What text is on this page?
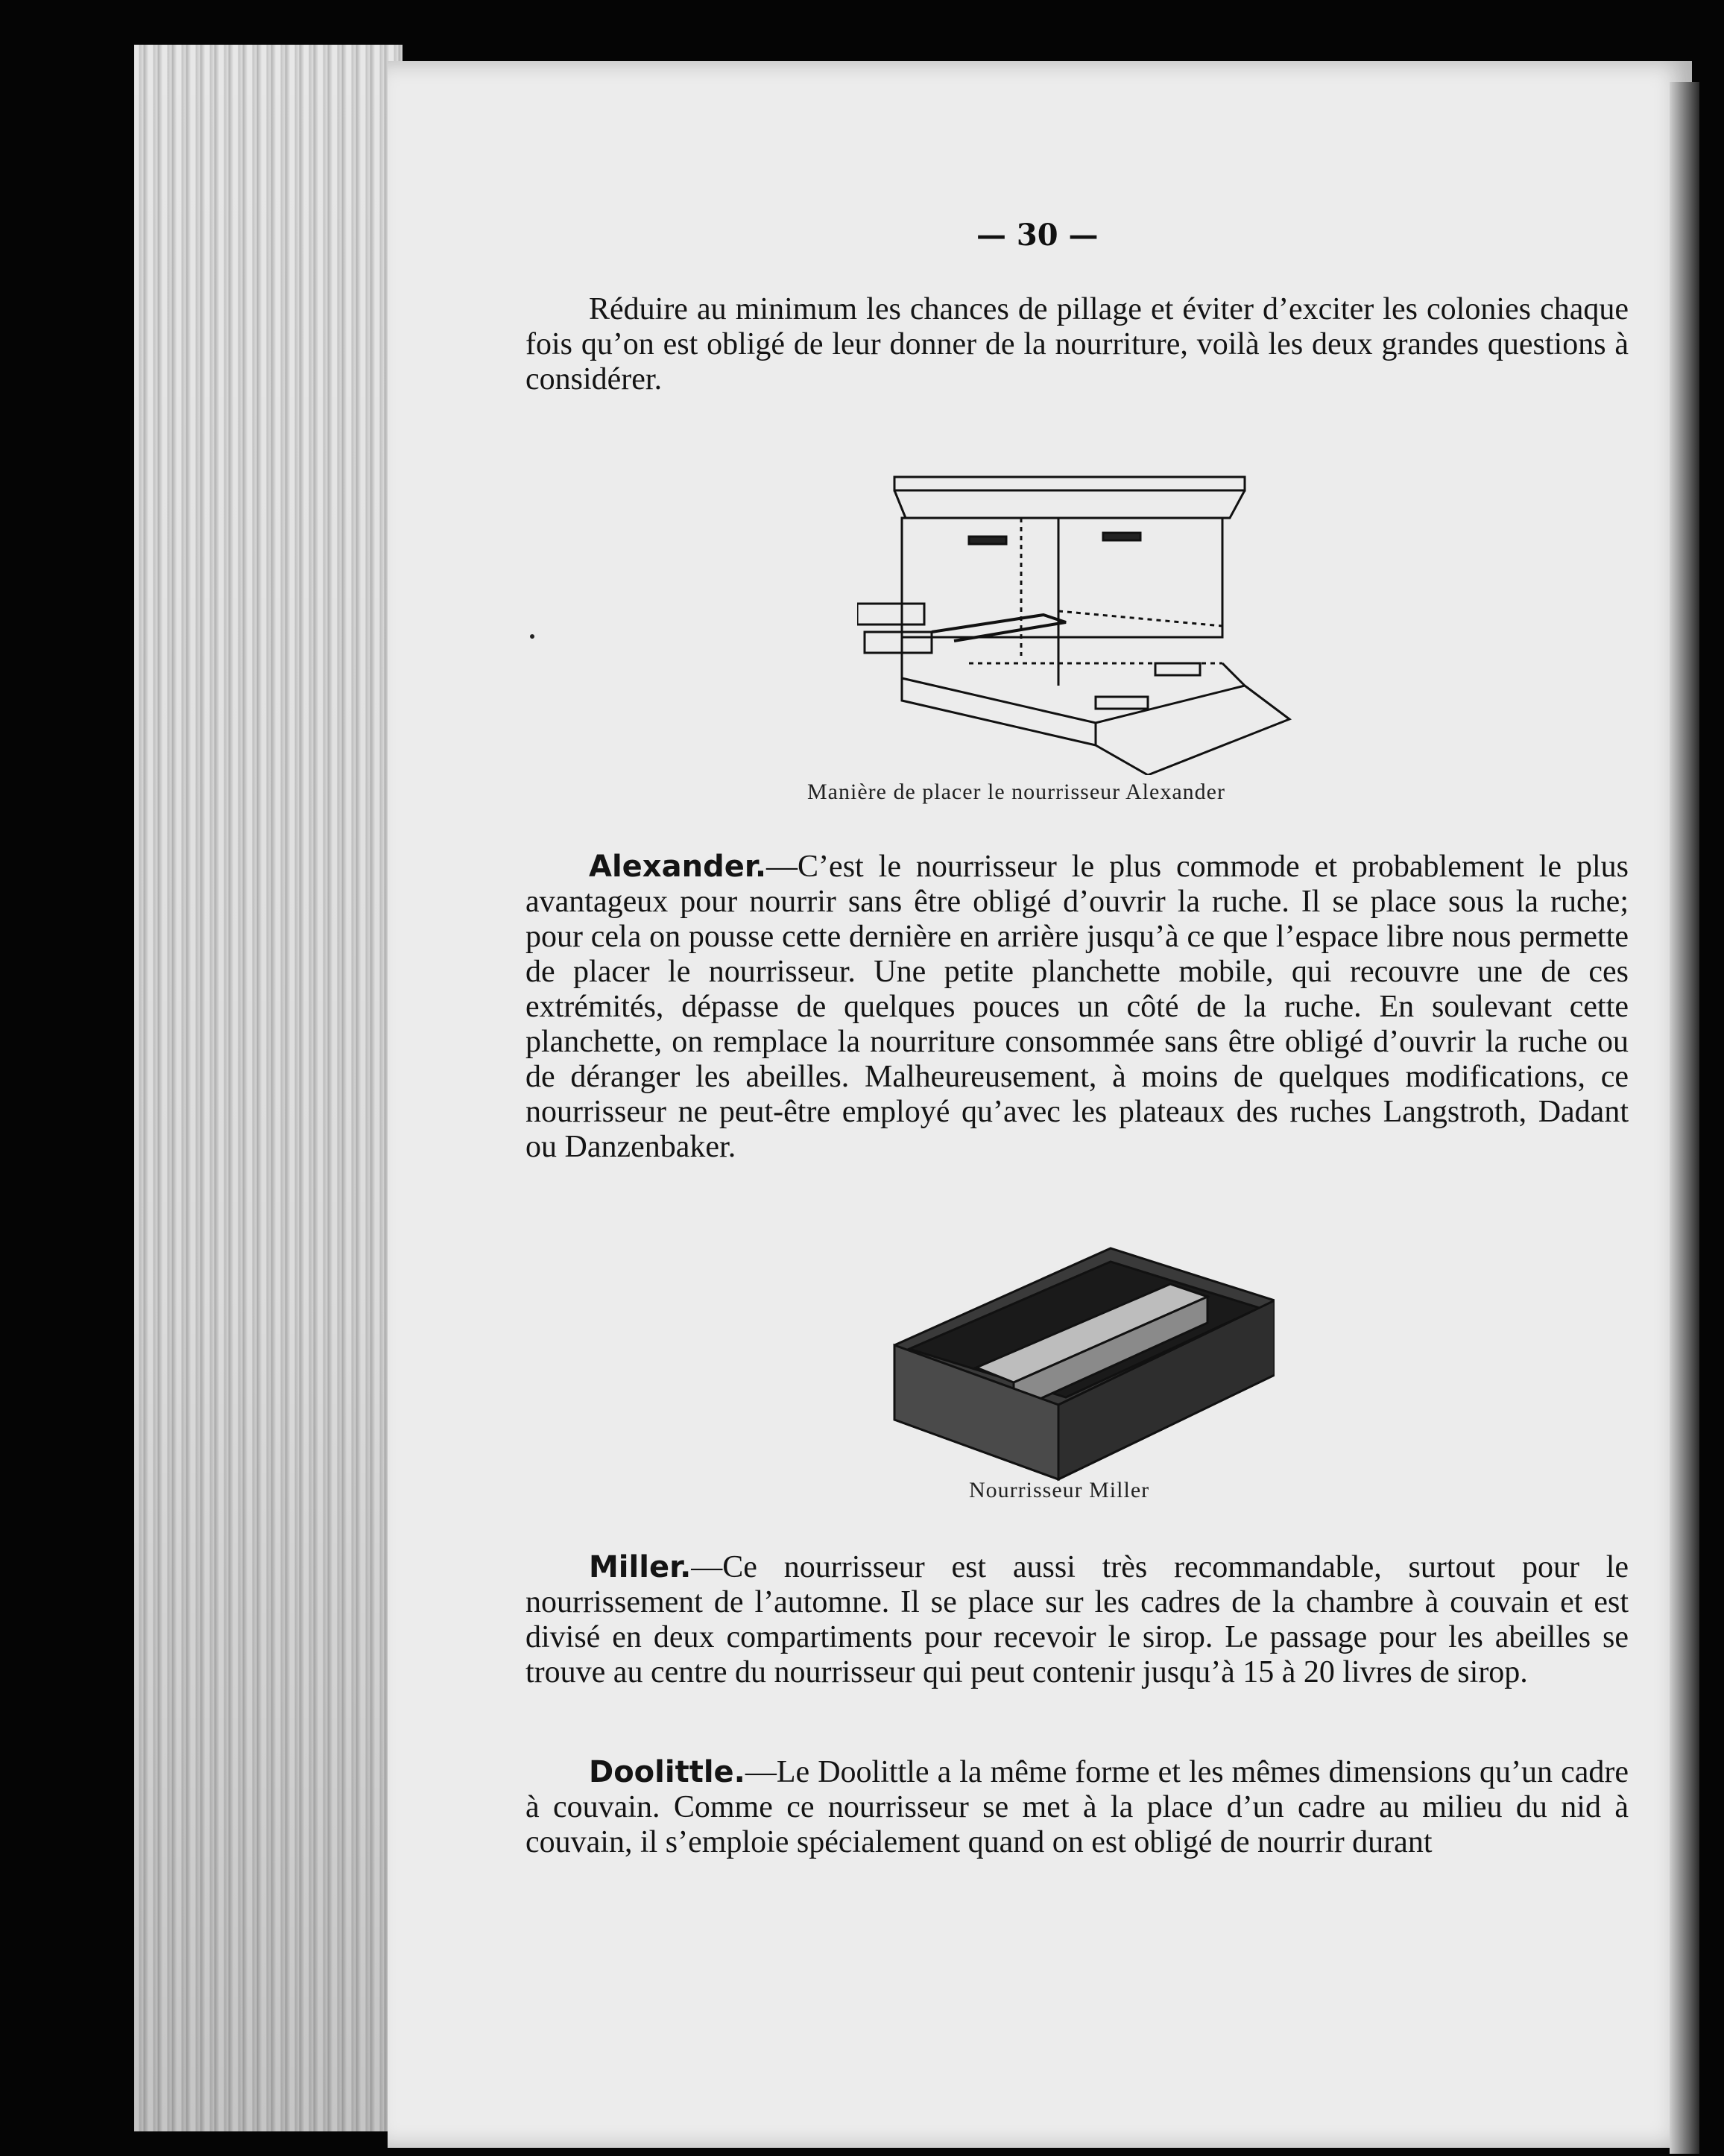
— 30 —

Réduire au minimum les chances de pillage et éviter d’exciter les colonies chaque fois qu’on est obligé de leur donner de la nourriture, voilà les deux grandes questions à considérer.

Manière de placer le nourrisseur Alexander

Alexander.—C’est le nourrisseur le plus commode et probablement le plus avantageux pour nourrir sans être obligé d’ouvrir la ruche. Il se place sous la ruche; pour cela on pousse cette dernière en arrière jusqu’à ce que l’espace libre nous permette de placer le nourrisseur. Une petite planchette mobile, qui recouvre une de ces extrémités, dépasse de quelques pouces un côté de la ruche. En soulevant cette planchette, on remplace la nourriture consommée sans être obligé d’ouvrir la ruche ou de déranger les abeilles. Malheureusement, à moins de quelques modifications, ce nourrisseur ne peut-être employé qu’avec les plateaux des ruches Langstroth, Dadant ou Danzenbaker.

Nourrisseur Miller

Miller.—Ce nourrisseur est aussi très recommandable, surtout pour le nourrissement de l’automne. Il se place sur les cadres de la chambre à couvain et est divisé en deux compartiments pour recevoir le sirop. Le passage pour les abeilles se trouve au centre du nourrisseur qui peut contenir jusqu’à 15 à 20 livres de sirop.

Doolittle.—Le Doolittle a la même forme et les mêmes dimensions qu’un cadre à couvain. Comme ce nourrisseur se met à la place d’un cadre au milieu du nid à couvain, il s’emploie spécialement quand on est obligé de nourrir durant
